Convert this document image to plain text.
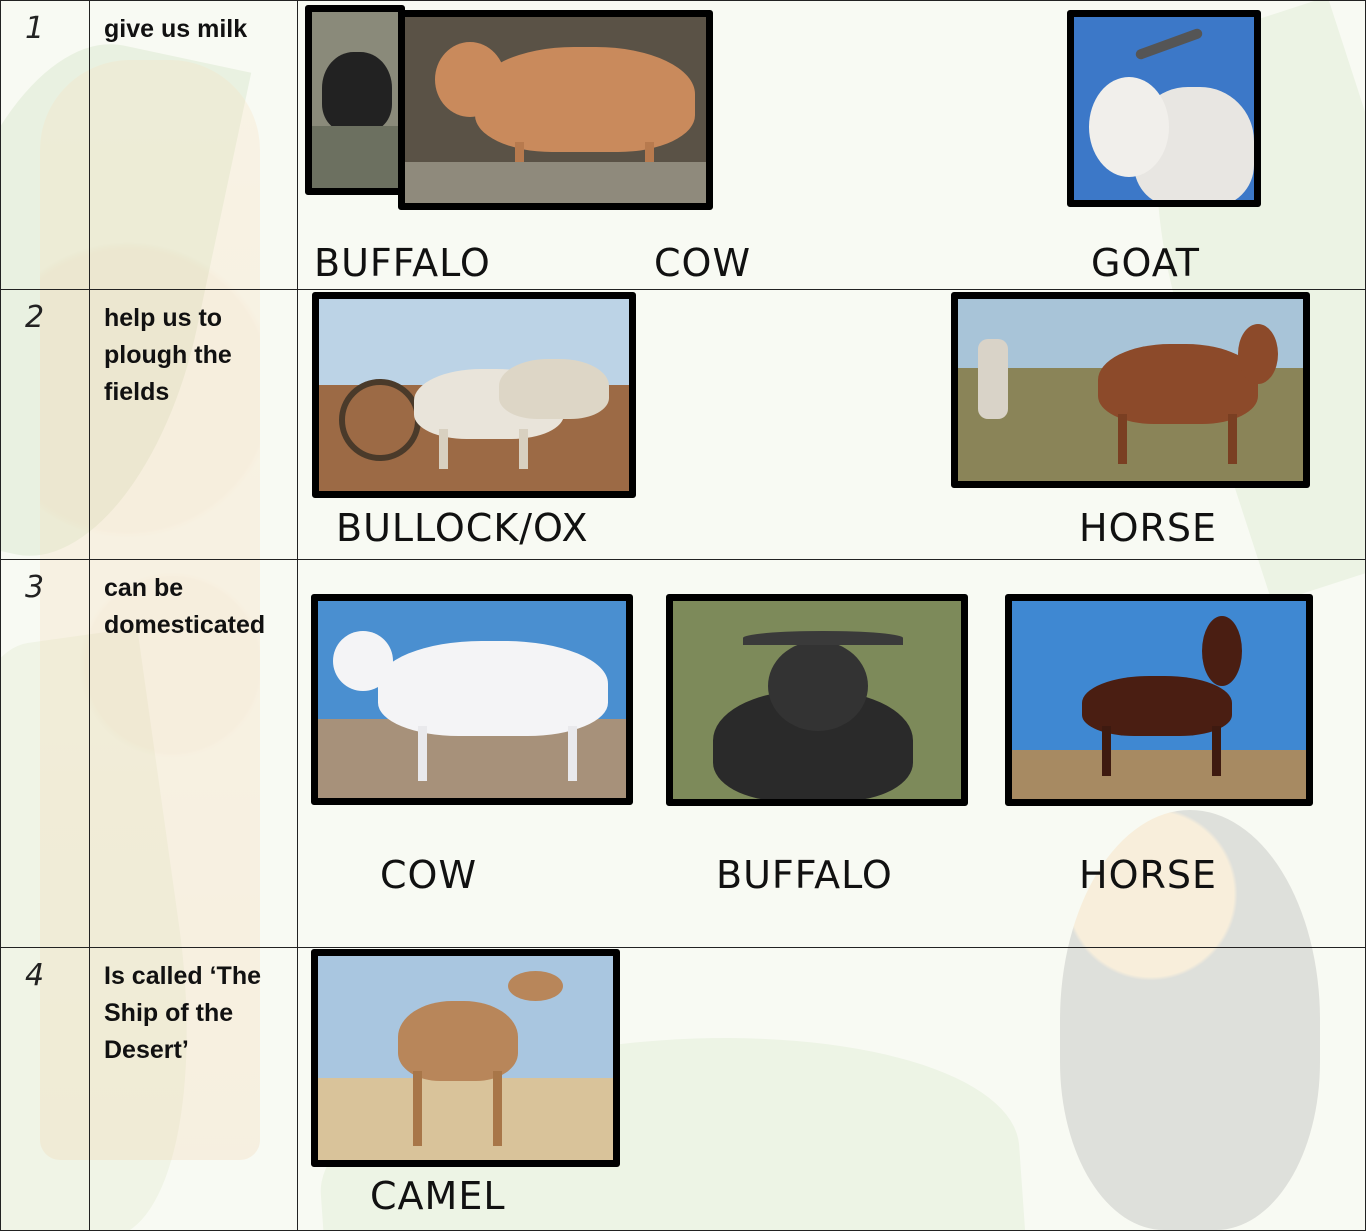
1	give us milk	BUFFALO COW GOAT

2	help us to plough the fields	BULLOCK/OX HORSE

3	can be domesticated	COW BUFFALO HORSE

4	Is called ‘The Ship of the Desert’	CAMEL
